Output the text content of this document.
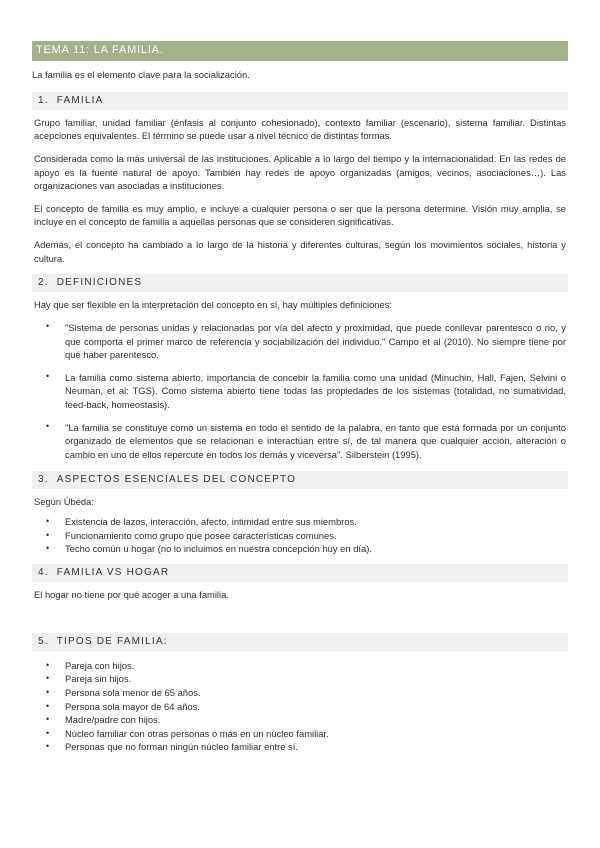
TEMA 11: LA FAMILIA.

La familia es el elemento clave para la socialización.

1. FAMILIA

Grupo familiar, unidad familiar (énfasis al conjunto cohesionado), contexto familiar (escenario), sistema familiar. Distintas acepciones equivalentes. El término se puede usar a nivel técnico de distintas formas.

Considerada como la más universal de las instituciones. Aplicable a lo largo del tiempo y la internacionalidad. En las redes de apoyo es la fuente natural de apoyo. También hay redes de apoyo organizadas (amigos, vecinos, asociaciones…). Las organizaciones van asociadas a instituciones.

El concepto de familia es muy amplio, e incluye a cualquier persona o ser que la persona determine. Visión muy amplia, se incluye en el concepto de familia a aquellas personas que se consideren significativas.

Además, el concepto ha cambiado a lo largo de la historia y diferentes culturas, según los movimientos sociales, historia y cultura.

2. DEFINICIONES

Hay que ser flexible en la interpretación del concepto en sí, hay múltiples definiciones:

• "Sistema de personas unidas y relacionadas por vía del afecto y proximidad, que puede conllevar parentesco o no, y que comporta el primer marco de referencia y sociabilización del individuo." Campo et al (2010). No siempre tiene por qué haber parentesco.
• La familia como sistema abierto, importancia de concebir la familia como una unidad (Minuchin, Hall, Fajen, Selvini o Neuman, et al: TGS). Como sistema abierto tiene todas las propiedades de los sistemas (totalidad, no sumatividad, feed-back, homeostasis).
• "La familia se constituye como un sistema en todo el sentido de la palabra, en tanto que está formada por un conjunto organizado de elementos que se relacionan e interactúan entre sí, de tal manera que cualquier acción, alteración o cambio en uno de ellos repercute en todos los demás y viceversa". Silberstein (1995).
3. ASPECTOS ESENCIALES DEL CONCEPTO

Según Úbeda:

• Existencia de lazos, interacción, afecto, intimidad entre sus miembros.
• Funcionamiento como grupo que posee características comunes.
• Techo común u hogar (no lo incluimos en nuestra concepción huy en día).
4. FAMILIA VS HOGAR

El hogar no tiene por qué acoger a una familia.

5. TIPOS DE FAMILIA:
• Pareja con hijos.
• Pareja sin hijos.
• Persona sola menor de 65 años.
• Persona sola mayor de 64 años.
• Madre/padre con hijos.
• Núcleo familiar con otras personas o más en un núcleo familiar.
• Personas que no forman ningún núcleo familiar entre sí.
